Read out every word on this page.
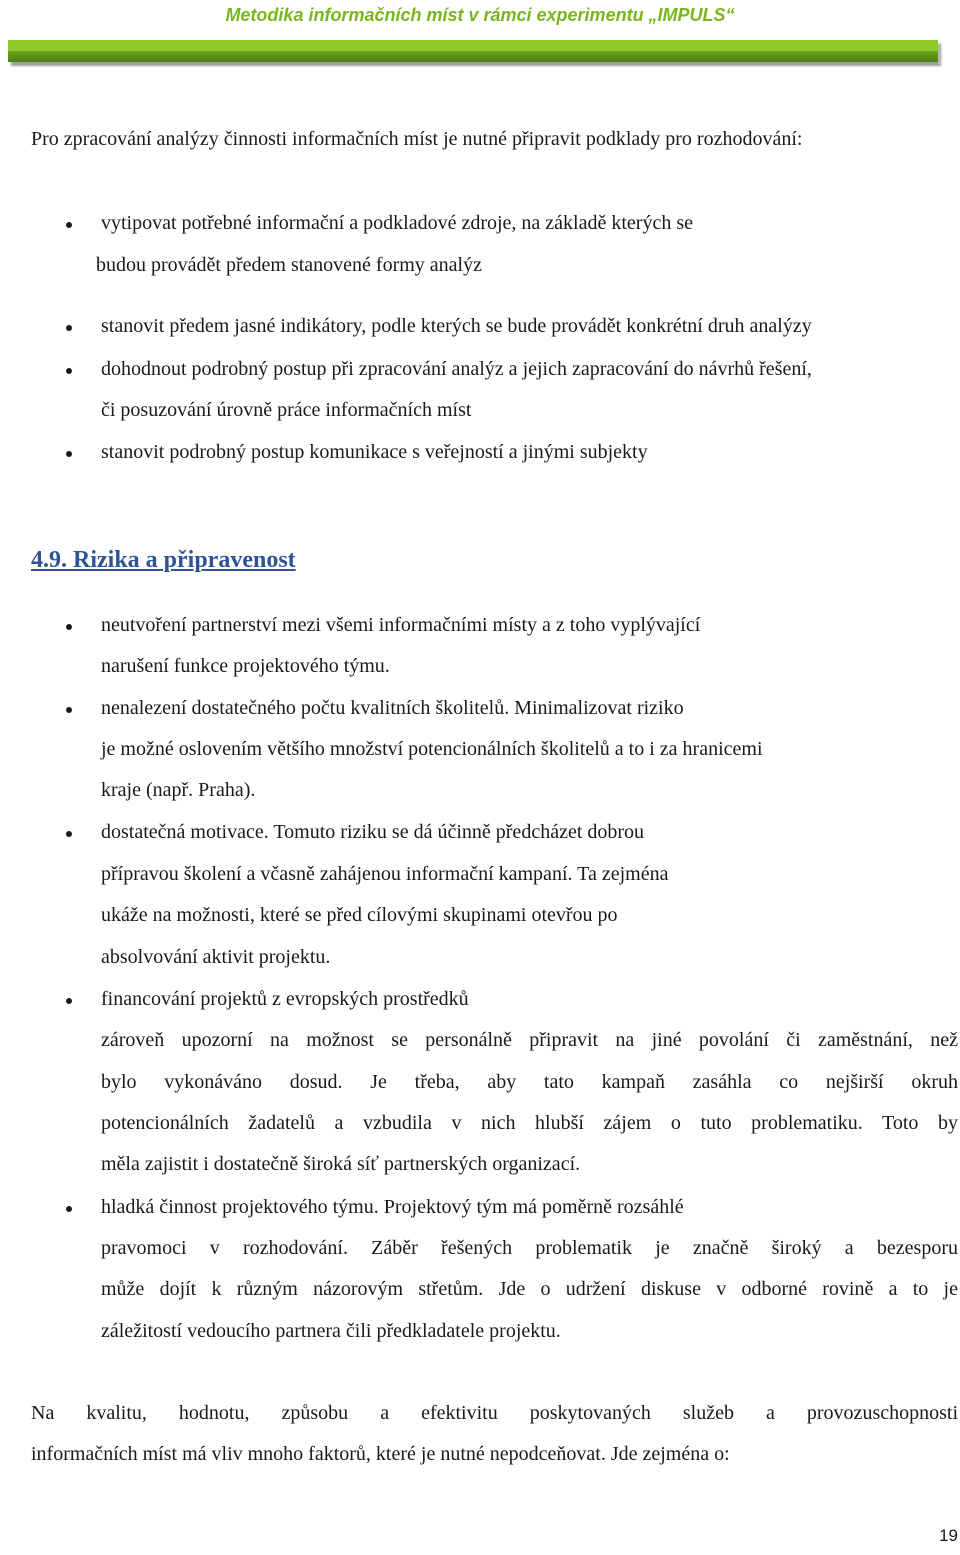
Metodika informačních míst v rámci experimentu „IMPULS“

Pro zpracování analýzy činnosti informačních míst je nutné připravit podklady pro rozhodování:

vytipovat potřebné informační a podkladové zdroje, na základě kterých se

budou provádět předem stanovené formy analýz

stanovit předem jasné indikátory, podle kterých se bude provádět konkrétní druh analýzy

dohodnout podrobný postup při zpracování analýz a jejich zapracování do návrhů řešení,

či posuzování úrovně práce informačních míst

stanovit podrobný postup komunikace s veřejností a jinými subjekty

4.9. Rizika a připravenost

neutvoření partnerství mezi všemi informačními místy a z toho vyplývající

narušení funkce projektového týmu.

nenalezení dostatečného počtu kvalitních školitelů. Minimalizovat riziko

je možné oslovením většího množství potencionálních školitelů a to i za hranicemi

kraje (např. Praha).

dostatečná motivace. Tomuto riziku se dá účinně předcházet dobrou

přípravou školení a včasně zahájenou informační kampaní. Ta zejména

ukáže na možnosti, které se před cílovými skupinami otevřou po

absolvování aktivit projektu.

financování projektů z evropských prostředků

zároveň upozorní na možnost se personálně připravit na jiné povolání či zaměstnání, než

bylo vykonáváno dosud. Je třeba, aby tato kampaň zasáhla co nejširší okruh

potencionálních žadatelů a vzbudila v nich hlubší zájem o tuto problematiku. Toto by

měla zajistit i dostatečně široká síť partnerských organizací.

hladká činnost projektového týmu. Projektový tým má poměrně rozsáhlé

pravomoci v rozhodování. Záběr řešených problematik je značně široký a bezesporu

může dojít k různým názorovým střetům. Jde o udržení diskuse v odborné rovině a to je

záležitostí vedoucího partnera čili předkladatele projektu.

Na kvalitu, hodnotu, způsobu a efektivitu poskytovaných služeb a provozuschopnosti

informačních míst má vliv mnoho faktorů, které je nutné nepodceňovat. Jde zejména o:

19
